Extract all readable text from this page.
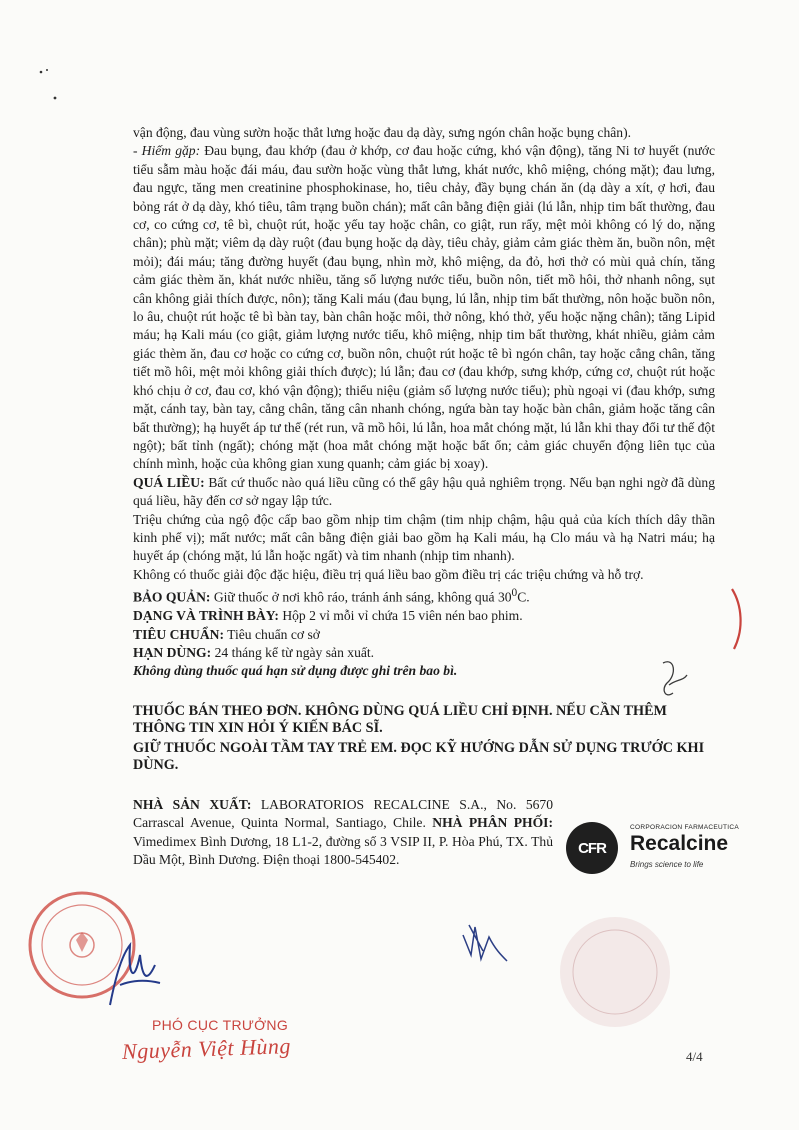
vận động, đau vùng sườn hoặc thắt lưng hoặc đau dạ dày, sưng ngón chân hoặc bụng chân).

- Hiếm gặp: Đau bụng, đau khớp (đau ở khớp, cơ đau hoặc cứng, khó vận động), tăng Ni tơ huyết (nước tiểu sẫm màu hoặc đái máu, đau sườn hoặc vùng thắt lưng, khát nước, khô miệng, chóng mặt); đau lưng, đau ngực, tăng men creatinine phosphokinase, ho, tiêu chảy, đầy bụng chán ăn (dạ dày a xít, ợ hơi, đau bỏng rát ở dạ dày, khó tiêu, tâm trạng buồn chán); mất cân bằng điện giải (lú lẫn, nhịp tim bất thường, đau cơ, co cứng cơ, tê bì, chuột rút, hoặc yếu tay hoặc chân, co giật, run rẩy, mệt mỏi không có lý do, nặng chân); phù mặt; viêm dạ dày ruột (đau bụng hoặc dạ dày, tiêu chảy, giảm cảm giác thèm ăn, buồn nôn, mệt mỏi); đái máu; tăng đường huyết (đau bụng, nhìn mờ, khô miệng, da đỏ, hơi thở có mùi quả chín, tăng cảm giác thèm ăn, khát nước nhiều, tăng số lượng nước tiểu, buồn nôn, tiết mồ hôi, thở nhanh nông, sụt cân không giải thích được, nôn); tăng Kali máu (đau bụng, lú lẫn, nhịp tim bất thường, nôn hoặc buồn nôn, lo âu, chuột rút hoặc tê bì bàn tay, bàn chân hoặc môi, thở nông, khó thở, yếu hoặc nặng chân); tăng Lipid máu; hạ Kali máu (co giật, giảm lượng nước tiểu, khô miệng, nhịp tim bất thường, khát nhiều, giảm cảm giác thèm ăn, đau cơ hoặc co cứng cơ, buồn nôn, chuột rút hoặc tê bì ngón chân, tay hoặc cẳng chân, tăng tiết mồ hôi, mệt mỏi không giải thích được); lú lẫn; đau cơ (đau khớp, sưng khớp, cứng cơ, chuột rút hoặc khó chịu ở cơ, đau cơ, khó vận động); thiểu niệu (giảm số lượng nước tiểu); phù ngoại vi (đau khớp, sưng mặt, cánh tay, bàn tay, cẳng chân, tăng cân nhanh chóng, ngứa bàn tay hoặc bàn chân, giảm hoặc tăng cân bất thường); hạ huyết áp tư thế (rét run, vã mồ hôi, lú lẫn, hoa mắt chóng mặt, lú lẫn khi thay đổi tư thế đột ngột); bất tỉnh (ngất); chóng mặt (hoa mắt chóng mặt hoặc bất ổn; cảm giác chuyển động liên tục của chính mình, hoặc của không gian xung quanh; cảm giác bị xoay).

QUÁ LIỀU: Bất cứ thuốc nào quá liều cũng có thể gây hậu quả nghiêm trọng. Nếu bạn nghi ngờ đã dùng quá liều, hãy đến cơ sở ngay lập tức.

Triệu chứng của ngộ độc cấp bao gồm nhịp tim chậm (tim nhịp chậm, hậu quả của kích thích dây thần kinh phế vị); mất nước; mất cân bằng điện giải bao gồm hạ Kali máu, hạ Clo máu và hạ Natri máu; hạ huyết áp (chóng mặt, lú lẫn hoặc ngất) và tim nhanh (nhịp tim nhanh).

Không có thuốc giải độc đặc hiệu, điều trị quá liều bao gồm điều trị các triệu chứng và hỗ trợ.

BẢO QUẢN: Giữ thuốc ở nơi khô ráo, tránh ánh sáng, không quá $30^0C$.

DẠNG VÀ TRÌNH BÀY: Hộp 2 vỉ mỗi vỉ chứa 15 viên nén bao phim.

TIÊU CHUẨN: Tiêu chuẩn cơ sở

HẠN DÙNG: 24 tháng kể từ ngày sản xuất.

Không dùng thuốc quá hạn sử dụng được ghi trên bao bì.

THUỐC BÁN THEO ĐƠN. KHÔNG DÙNG QUÁ LIỀU CHỈ ĐỊNH. NẾU CẦN THÊM THÔNG TIN XIN HỎI Ý KIẾN BÁC SĨ.

GIỮ THUỐC NGOÀI TẦM TAY TRẺ EM. ĐỌC KỸ HƯỚNG DẪN SỬ DỤNG TRƯỚC KHI DÙNG.

NHÀ SẢN XUẤT: LABORATORIOS RECALCINE S.A., No. 5670 Carrascal Avenue, Quinta Normal, Santiago, Chile. NHÀ PHÂN PHỐI: Vimedimex Bình Dương, 18 L1-2, đường số 3 VSIP II, P. Hòa Phú, TX. Thủ Dầu Một, Bình Dương. Điện thoại 1800-545402.

CFR
CORPORACION FARMACEUTICA
Recalcine
Brings science to life
PHÓ CỤC TRƯỞNG
Nguyễn Việt Hùng	4/4
